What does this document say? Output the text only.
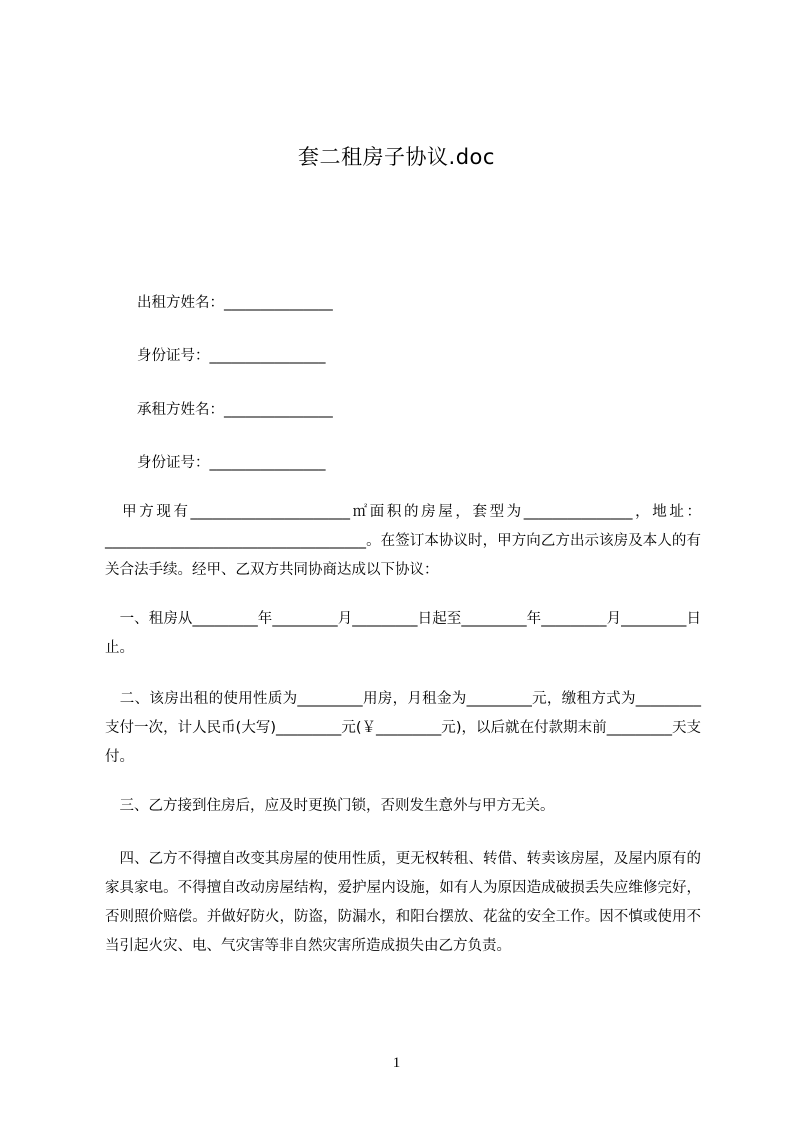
套二租房子协议.doc
出租方姓名：_______________
身份证号：________________
承租方姓名：_______________
身份证号：________________

　甲方现有______________________㎡面积的房屋，套型为_______________，地址：____________________________________。在签订本协议时，甲方向乙方出示该房及本人的有关合法手续。经甲、乙双方共同协商达成以下协议：

　一、租房从_________年_________月_________日起至_________年_________月_________日止。

　二、该房出租的使用性质为_________用房，月租金为_________元，缴租方式为_________支付一次，计人民币(大写)_________元(￥_________元)，以后就在付款期末前_________天支付。

　三、乙方接到住房后，应及时更换门锁，否则发生意外与甲方无关。

　四、乙方不得擅自改变其房屋的使用性质，更无权转租、转借、转卖该房屋，及屋内原有的家具家电。不得擅自改动房屋结构，爱护屋内设施，如有人为原因造成破损丢失应维修完好，否则照价赔偿。并做好防火，防盗，防漏水，和阳台摆放、花盆的安全工作。因不慎或使用不当引起火灾、电、气灾害等非自然灾害所造成损失由乙方负责。

1
